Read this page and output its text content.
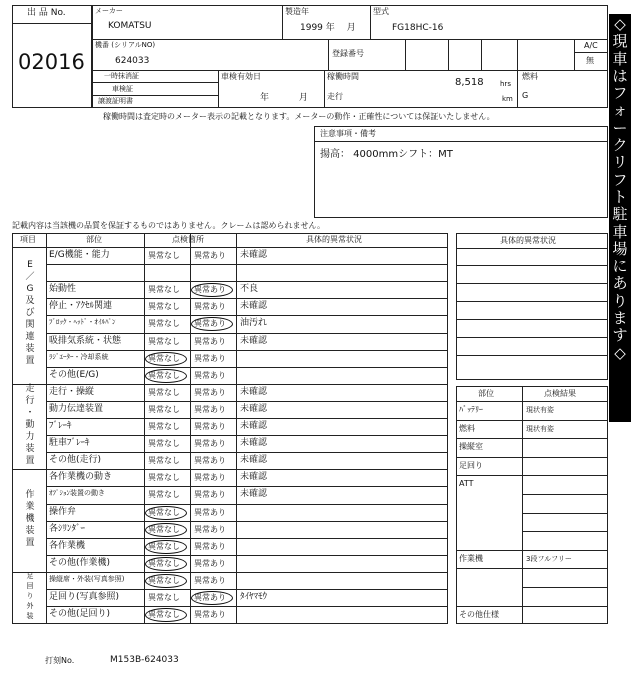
出 品 No.
02016
メーカー
KOMATSU
製造年
1999 年　 月
型式
FG18HC-16
機番 (シリアルNO)
624033
登録番号
A/C
無
一時抹消証
車検証
譲渡証明書
車検有効日
年　　　 月
稼働時間
8,518 hrs
走行	km
燃料
G
稼働時間は査定時のメーター表示の記載となります。メーターの動作・正確性については保証いたしません。
注意事項・備考
揚高： 4000mmシフト：MT
記載内容は当該機の品質を保証するものではありません。クレームは認められません。
◇
現
車
は
フ
ォ
ー
ク
リ
フ
ト
駐
車
場
に
あ
り
ま
す
◇
項目	部位	点検箇所	具体的異常状況
E
／
G
及
び
関
連
装
置
走
行
・
動
力
装
置
作
業
機
装
置
足
回
り
外
装
E/G機能・能力	異常なし 異常あり 未確認
始動性	異常なし 異常あり 不良
停止・ｱｸｾﾙ関連	異常なし 異常あり 未確認
ﾌﾞﾛｯｸ・ﾍｯﾄﾞ・ｵｲﾙﾊﾟﾝ	異常なし 異常あり 油汚れ
吸排気系統・状態	異常なし 異常あり 未確認
ﾗｼﾞｴｰﾀｰ・冷却系統	異常なし 異常あり
その他(E/G)	異常なし 異常あり
走行・操縦	異常なし 異常あり 未確認
動力伝達装置	異常なし 異常あり 未確認
ﾌﾞﾚｰｷ	異常なし 異常あり 未確認
駐車ﾌﾞﾚｰｷ	異常なし 異常あり 未確認
その他(走行)	異常なし 異常あり 未確認
各作業機の動き	異常なし 異常あり 未確認
ｵﾌﾟｼｮﾝ装置の動き	異常なし 異常あり 未確認
操作弁	異常なし 異常あり
各ｼﾘﾝﾀﾞｰ	異常なし 異常あり
各作業機	異常なし 異常あり
その他(作業機)	異常なし 異常あり
操縦席・外装(写真参照)	異常なし 異常あり
足回り(写真参照)	異常なし 異常あり ﾀｲﾔﾏﾓｳ
その他(足回り)	異常なし 異常あり
具体的異常状況
部位	点検結果
ﾊﾞｯﾃﾘｰ	現状有姿
燃料	現状有姿
操縦室
足回り
ATT
作業機	3段フルフリー
その他仕様
打刻No.	M153B-624033
